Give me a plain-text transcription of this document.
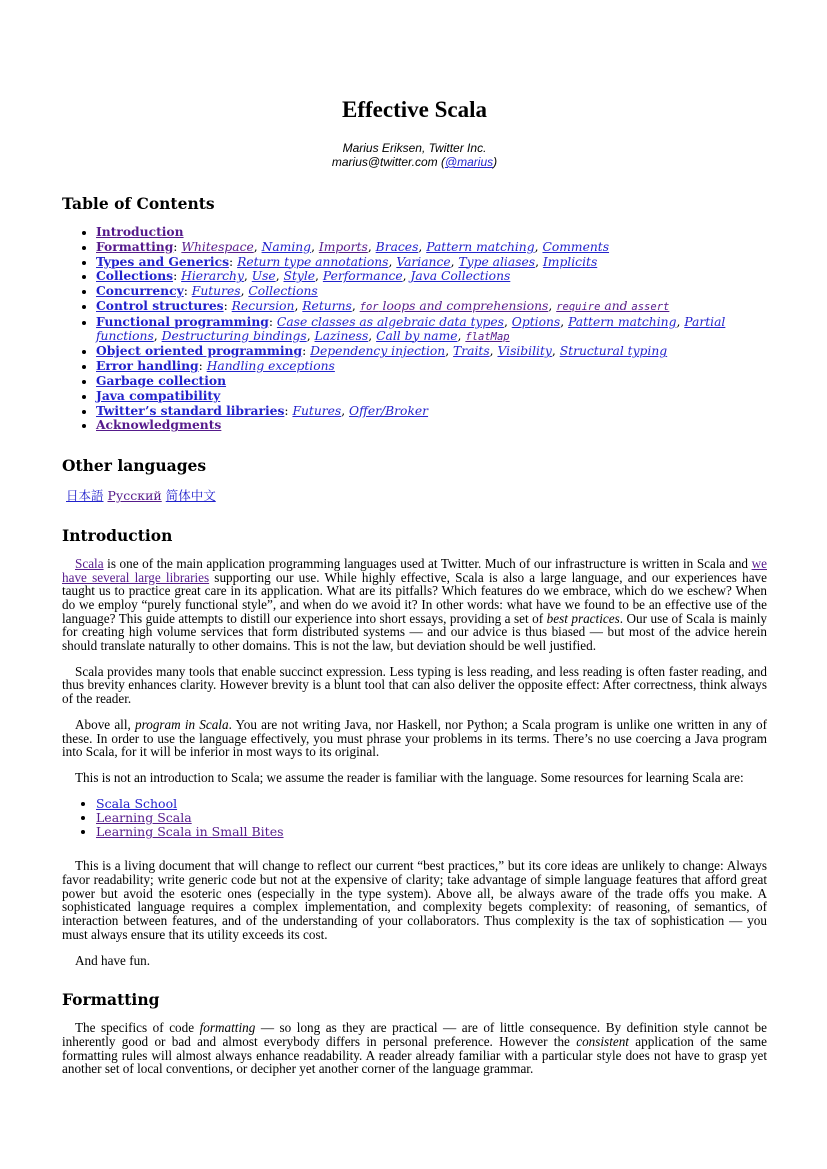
Effective Scala
Marius Eriksen, Twitter Inc.
marius@twitter.com (@marius)
Table of Contents
• Introduction
• Formatting: Whitespace, Naming, Imports, Braces, Pattern matching, Comments
• Types and Generics: Return type annotations, Variance, Type aliases, Implicits
• Collections: Hierarchy, Use, Style, Performance, Java Collections
• Concurrency: Futures, Collections
• Control structures: Recursion, Returns, for loops and comprehensions, require and assert
• Functional programming: Case classes as algebraic data types, Options, Pattern matching, Partial functions, Destructuring bindings, Laziness, Call by name, flatMap
• Object oriented programming: Dependency injection, Traits, Visibility, Structural typing
• Error handling: Handling exceptions
• Garbage collection
• Java compatibility
• Twitter’s standard libraries: Futures, Offer/Broker
• Acknowledgments
Other languages

日本語 Русский 简体中文

Introduction

Scala is one of the main application programming languages used at Twitter. Much of our infrastructure is written in Scala and we have several large libraries supporting our use. While highly effective, Scala is also a large language, and our experiences have taught us to practice great care in its application. What are its pitfalls? Which features do we embrace, which do we eschew? When do we employ “purely functional style”, and when do we avoid it? In other words: what have we found to be an effective use of the language? This guide attempts to distill our experience into short essays, providing a set of best practices. Our use of Scala is mainly for creating high volume services that form distributed systems — and our advice is thus biased — but most of the advice herein should translate naturally to other domains. This is not the law, but deviation should be well justified.

Scala provides many tools that enable succinct expression. Less typing is less reading, and less reading is often faster reading, and thus brevity enhances clarity. However brevity is a blunt tool that can also deliver the opposite effect: After correctness, think always of the reader.

Above all, program in Scala. You are not writing Java, nor Haskell, nor Python; a Scala program is unlike one written in any of these. In order to use the language effectively, you must phrase your problems in its terms. There’s no use coercing a Java program into Scala, for it will be inferior in most ways to its original.

This is not an introduction to Scala; we assume the reader is familiar with the language. Some resources for learning Scala are:

• Scala School
• Learning Scala
• Learning Scala in Small Bites

This is a living document that will change to reflect our current “best practices,” but its core ideas are unlikely to change: Always favor readability; write generic code but not at the expensive of clarity; take advantage of simple language features that afford great power but avoid the esoteric ones (especially in the type system). Above all, be always aware of the trade offs you make. A sophisticated language requires a complex implementation, and complexity begets complexity: of reasoning, of semantics, of interaction between features, and of the understanding of your collaborators. Thus complexity is the tax of sophistication — you must always ensure that its utility exceeds its cost.

And have fun.

Formatting

The specifics of code formatting — so long as they are practical — are of little consequence. By definition style cannot be inherently good or bad and almost everybody differs in personal preference. However the consistent application of the same formatting rules will almost always enhance readability. A reader already familiar with a particular style does not have to grasp yet another set of local conventions, or decipher yet another corner of the language grammar.
